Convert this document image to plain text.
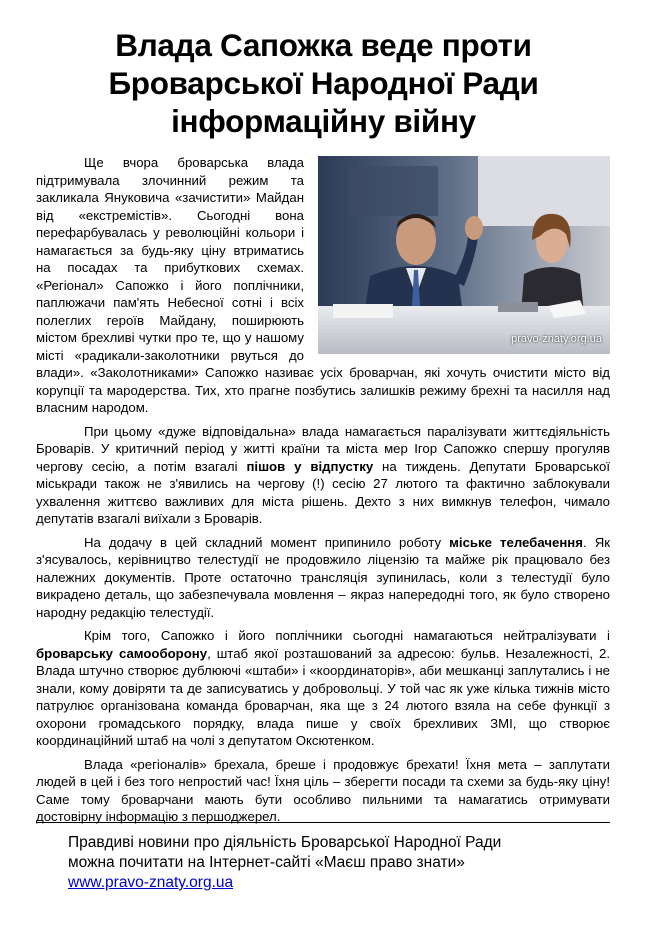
Влада Сапожка веде проти
Броварської Народної Ради
інформаційну війну
pravo-znaty.org.ua

Ще вчора броварська влада підтримувала злочинний режим та закликала Януковича «зачистити» Майдан від «екстремістів». Сьогодні вона перефарбувалась у революційні кольори і намагається за будь-яку ціну втриматись на посадах та прибуткових схемах. «Регіонал» Сапожко і його поплічники, паплюжачи пам'ять Небесної сотні і всіх полеглих героїв Майдану, поширюють містом брехливі чутки про те, що у нашому місті «радикали-заколотники рвуться до влади». «Заколотниками» Сапожко називає усіх броварчан, які хочуть очистити місто від корупції та мародерства. Тих, хто прагне позбутись залишків режиму брехні та насилля над власним народом.

При цьому «дуже відповідальна» влада намагається паралізувати життєдіяльність Броварів. У критичний період у житті країни та міста мер Ігор Сапожко спершу прогуляв чергову сесію, а потім взагалі пішов у відпустку на тиждень. Депутати Броварської міськради також не з'явились на чергову (!) сесію 27 лютого та фактично заблокували ухвалення життєво важливих для міста рішень. Дехто з них вимкнув телефон, чимало депутатів взагалі виїхали з Броварів.

На додачу в цей складний момент припинило роботу міське телебачення. Як з'ясувалось, керівництво телестудії не продовжило ліцензію та майже рік працювало без належних документів. Проте остаточно трансляція зупинилась, коли з телестудії було викрадено деталь, що забезпечувала мовлення – якраз напередодні того, як було створено народну редакцію телестудії.

Крім того, Сапожко і його поплічники сьогодні намагаються нейтралізувати і броварську самооборону, штаб якої розташований за адресою: бульв. Незалежності, 2. Влада штучно створює дублюючі «штаби» і «координаторів», аби мешканці заплутались і не знали, кому довіряти та де записуватись у добровольці. У той час як уже кілька тижнів місто патрулює організована команда броварчан, яка ще з 24 лютого взяла на себе функції з охорони громадського порядку, влада пише у своїх брехливих ЗМІ, що створює координаційний штаб на чолі з депутатом Оксютенком.

Влада «регіоналів» брехала, бреше і продовжує брехати! Їхня мета – заплутати людей в цей і без того непростий час! Їхня ціль – зберегти посади та схеми за будь-яку ціну! Саме тому броварчани мають бути особливо пильними та намагатись отримувати достовірну інформацію з першоджерел.

Правдиві новини про діяльність Броварської Народної Ради
можна почитати на Інтернет-сайті «Маєш право знати»
www.pravo-znaty.org.ua
